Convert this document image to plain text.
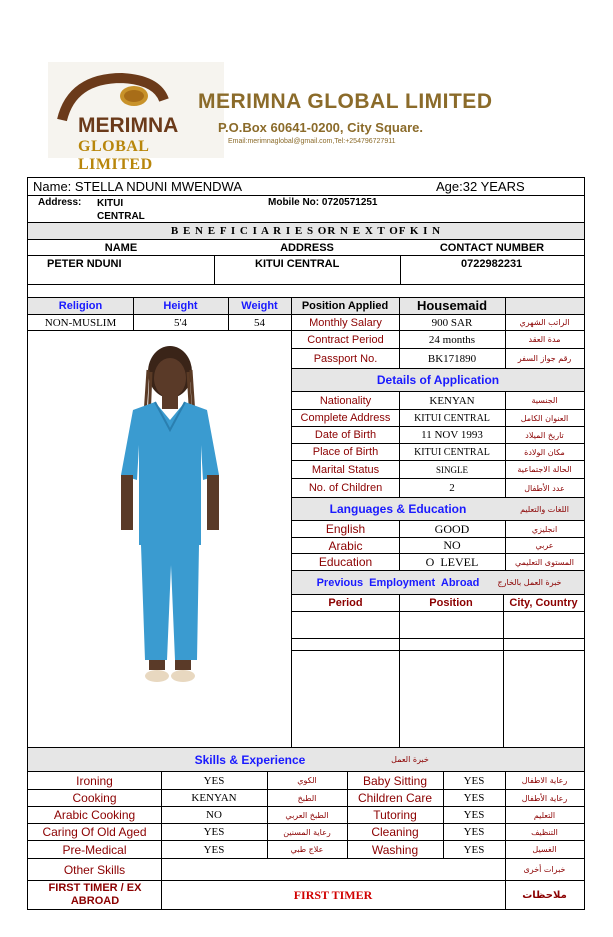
MERIMNA
GLOBAL LIMITED
MERIMNA GLOBAL LIMITED
P.O.Box 60641-0200, City Square.
Email:merimnaglobal@gmail.com,Tel:+254796727911
Name: STELLA NDUNI MWENDWA	Age:32 YEARS
Address: KITUI CENTRAL
Mobile No: 0720571251
B E N E F I C I A R I E S OR N E X T OF K I N
NAME	ADDRESS	CONTACT NUMBER
PETER NDUNI	KITUI CENTRAL	0722982231
Religion	Height	Weight	Position Applied	Housemaid
NON-MUSLIM	5'4	54	Monthly Salary	900 SAR	الراتب الشهري
Contract Period	24 months	مدة العقد
Passport No.	BK171890	رقم جواز السفر
Details of Application
Nationality	KENYAN	الجنسية
Complete Address	KITUI CENTRAL	العنوان الكامل
Date of Birth	11 NOV 1993	تاريخ الميلاد
Place of Birth	KITUI CENTRAL	مكان الولادة
Marital Status	SINGLE	الحالة الاجتماعية
No. of Children	2	عدد الأطفال
Languages & Education	اللغات والتعليم
English	GOOD	انجليزي
Arabic	NO	عربي
Education	O  LEVEL	المستوى التعليمي
Previous  Employment  Abroad	خبرة العمل بالخارج
Period	Position	City, Country
Skills & Experience	خبرة العمل
Ironing	YES	الكوي	Baby Sitting	YES	رعاية الاطفال
Cooking	KENYAN	الطبخ	Children Care	YES	رعاية الأطفال
Arabic Cooking	NO	الطبخ العربي	Tutoring	YES	التعليم
Caring Of Old Aged	YES	رعاية المسنين	Cleaning	YES	التنظيف
Pre-Medical	YES	علاج طبي	Washing	YES	الغسيل
Other Skills	خبرات أخرى
FIRST TIMER / EX ABROAD	FIRST TIMER	ملاحظات
